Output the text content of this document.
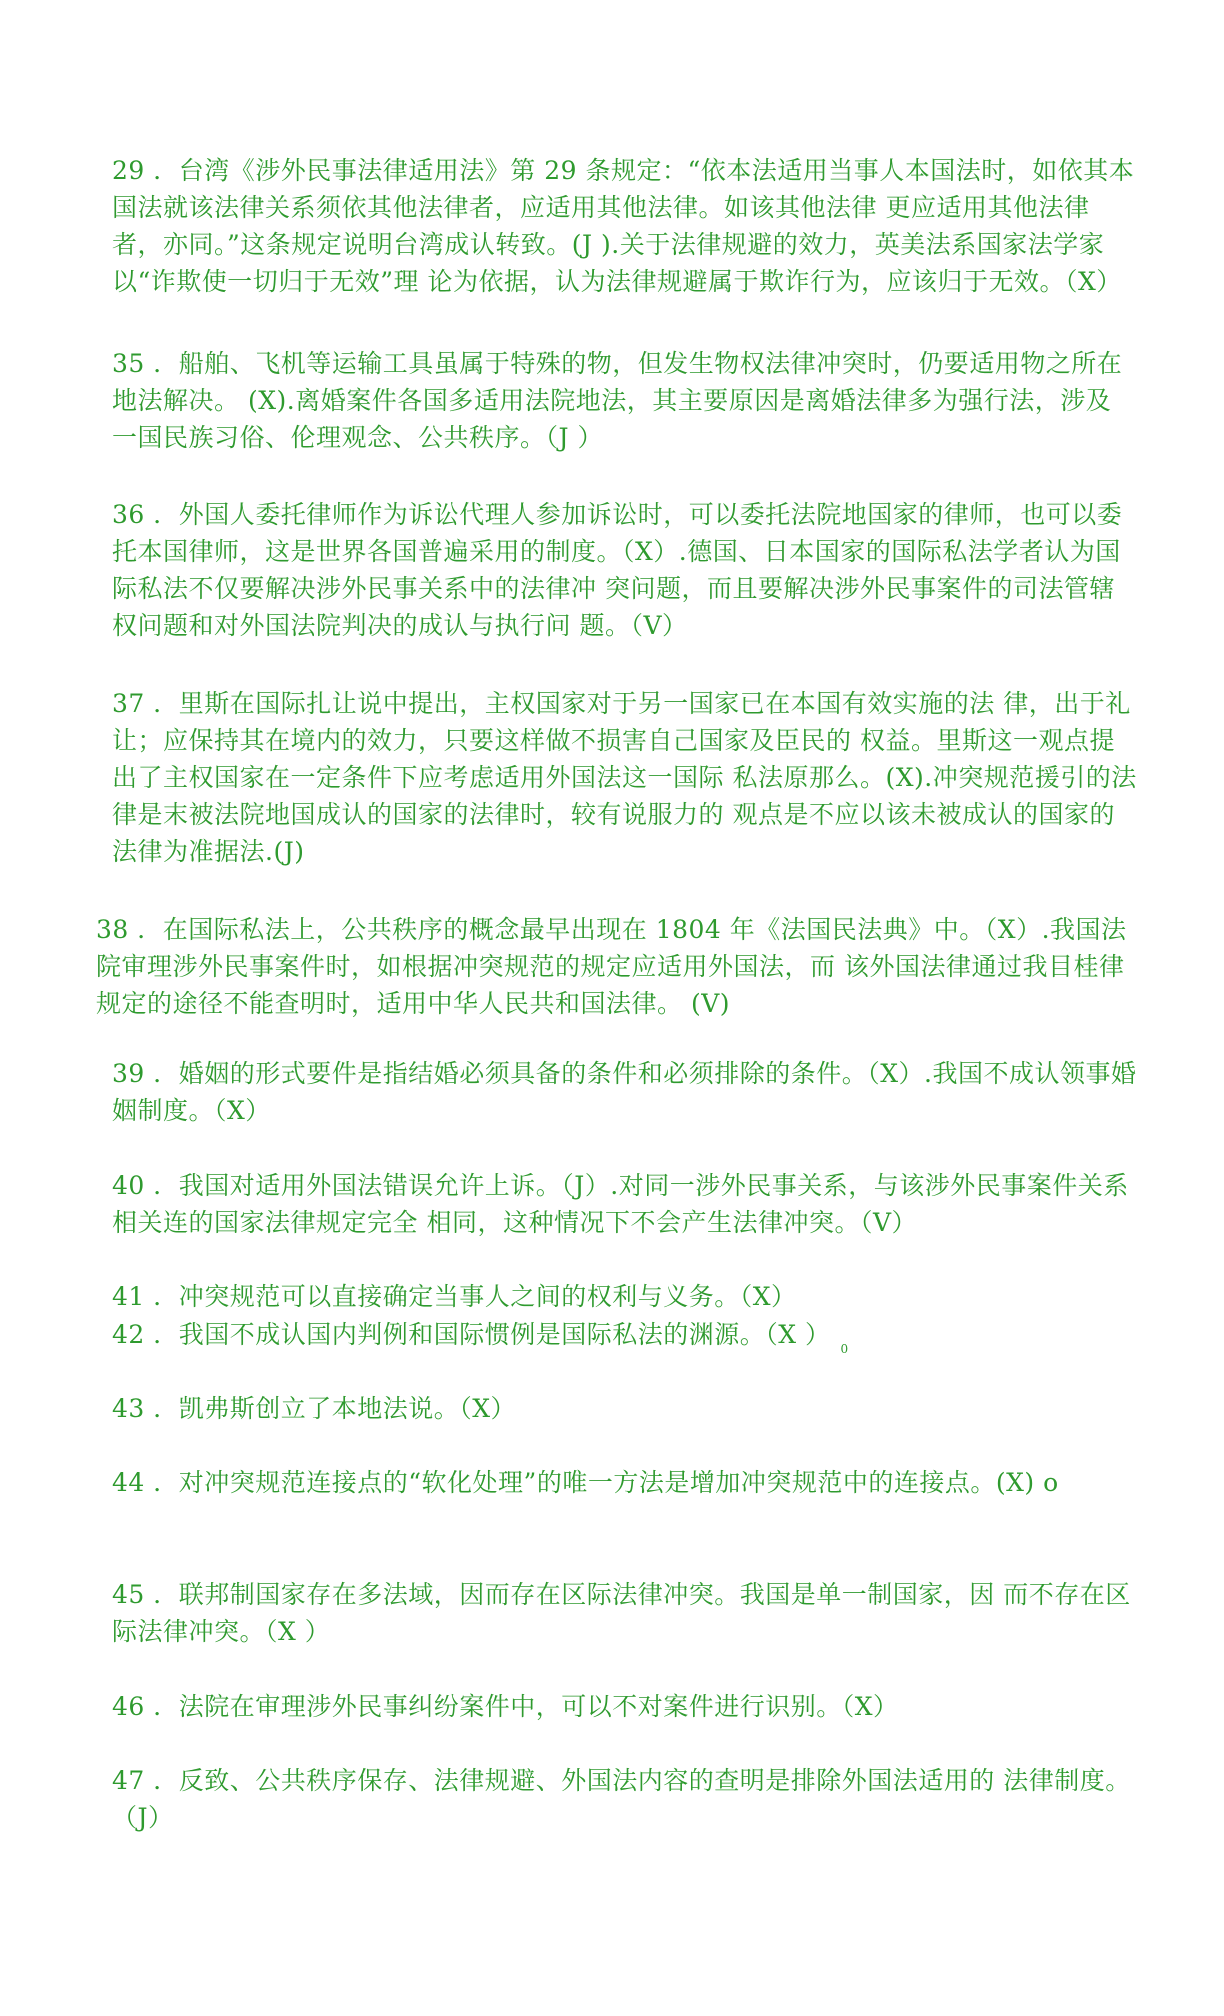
29 ．台湾《涉外民事法律适用法》第 29 条规定：“依本法适用当事人本国法时，如依其本国法就该法律关系须依其他法律者，应适用其他法律。如该其他法律 更应适用其他法律者，亦同。”这条规定说明台湾成认转致。(J ).关于法律规避的效力，英美法系国家法学家以“诈欺使一切归于无效”理 论为依据，认为法律规避属于欺诈行为，应该归于无效。（X）
35 ．船舶、飞机等运输工具虽属于特殊的物，但发生物权法律冲突时，仍要适用物之所在地法解决。 (X).离婚案件各国多适用法院地法，其主要原因是离婚法律多为强行法，涉及 一国民族习俗、伦理观念、公共秩序。（J ）
36 ．外国人委托律师作为诉讼代理人参加诉讼时，可以委托法院地国家的律师，也可以委托本国律师，这是世界各国普遍采用的制度。（X）.德国、日本国家的国际私法学者认为国际私法不仅要解决涉外民事关系中的法律冲 突问题，而且要解决涉外民事案件的司法管辖权问题和对外国法院判决的成认与执行问 题。（V）
37 ．里斯在国际扎让说中提出，主权国家对于另一国家已在本国有效实施的法 律，出于礼让；应保持其在境内的效力，只要这样做不损害自己国家及臣民的 权益。里斯这一观点提出了主权国家在一定条件下应考虑适用外国法这一国际 私法原那么。(X).冲突规范援引的法律是末被法院地国成认的国家的法律时，较有说服力的 观点是不应以该未被成认的国家的法律为准据法.(J)
38 ．在国际私法上，公共秩序的概念最早出现在 1804 年《法国民法典》中。（X）.我国法院审理涉外民事案件时，如根据冲突规范的规定应适用外国法，而 该外国法律通过我目桂律规定的途径不能查明时，适用中华人民共和国法律。 (V)
39 ．婚姻的形式要件是指结婚必须具备的条件和必须排除的条件。（X）.我国不成认领事婚姻制度。（X）
40 ．我国对适用外国法错误允许上诉。（J）.对同一涉外民事关系，与该涉外民事案件关系相关连的国家法律规定完全 相同，这种情况下不会产生法律冲突。（V）
41 ．冲突规范可以直接确定当事人之间的权利与义务。（X）
42 ．我国不成认国内判例和国际惯例是国际私法的渊源。（X ） $_0$
43 ．凯弗斯创立了本地法说。（X）
44 ．对冲突规范连接点的“软化处理”的唯一方法是增加冲突规范中的连接点。(X) o
45 ．联邦制国家存在多法域，因而存在区际法律冲突。我国是单一制国家，因 而不存在区际法律冲突。（X ）
46 ．法院在审理涉外民事纠纷案件中，可以不对案件进行识别。（X）
47 ．反致、公共秩序保存、法律规避、外国法内容的查明是排除外国法适用的 法律制度。（J）
